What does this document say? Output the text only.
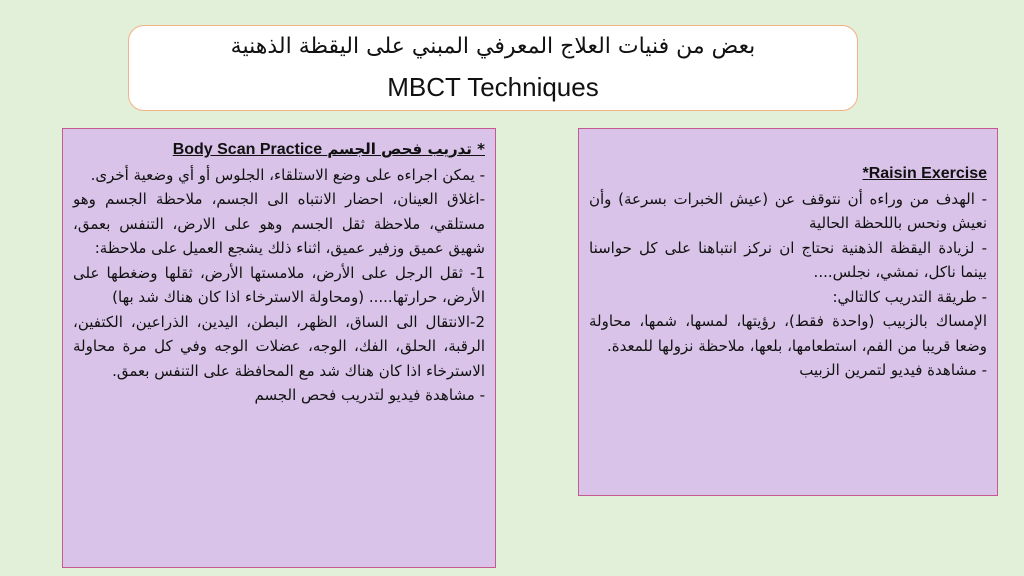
بعض من فنيات العلاج المعرفي المبني على اليقظة الذهنية
MBCT Techniques
* تدريب فحص الجسم Body Scan Practice
- يمكن اجراءه على وضع الاستلقاء، الجلوس أو أي وضعية أخرى.
-اغلاق العينان، احضار الانتباه الى الجسم، ملاحظة الجسم وهو مستلقي، ملاحظة ثقل الجسم وهو على الارض، التنفس بعمق، شهيق عميق وزفير عميق، اثناء ذلك يشجع العميل على ملاحظة:
1- ثقل الرجل على الأرض، ملامستها الأرض، ثقلها وضغطها على الأرض، حرارتها..... (ومحاولة الاسترخاء اذا كان هناك شد بها)
2-الانتقال الى الساق، الظهر، البطن، اليدين، الذراعين، الكتفين، الرقبة، الحلق، الفك، الوجه، عضلات الوجه وفي كل مرة محاولة الاسترخاء اذا كان هناك شد مع المحافظة على التنفس بعمق.
- مشاهدة فيديو لتدريب فحص الجسم
Raisin Exercise*
- الهدف من وراءه أن نتوقف عن (عيش الخبرات بسرعة) وأن نعيش ونحس باللحظة الحالية
- لزيادة اليقظة الذهنية نحتاج ان نركز انتباهنا على كل حواسنا بينما ناكل، نمشي، نجلس....
- طريقة التدريب كالتالي:
الإمساك بالزبيب (واحدة فقط)، رؤيتها، لمسها، شمها، محاولة وضعا قريبا من الفم، استطعامها، بلعها، ملاحظة نزولها للمعدة.
- مشاهدة فيديو لتمرين الزبيب
